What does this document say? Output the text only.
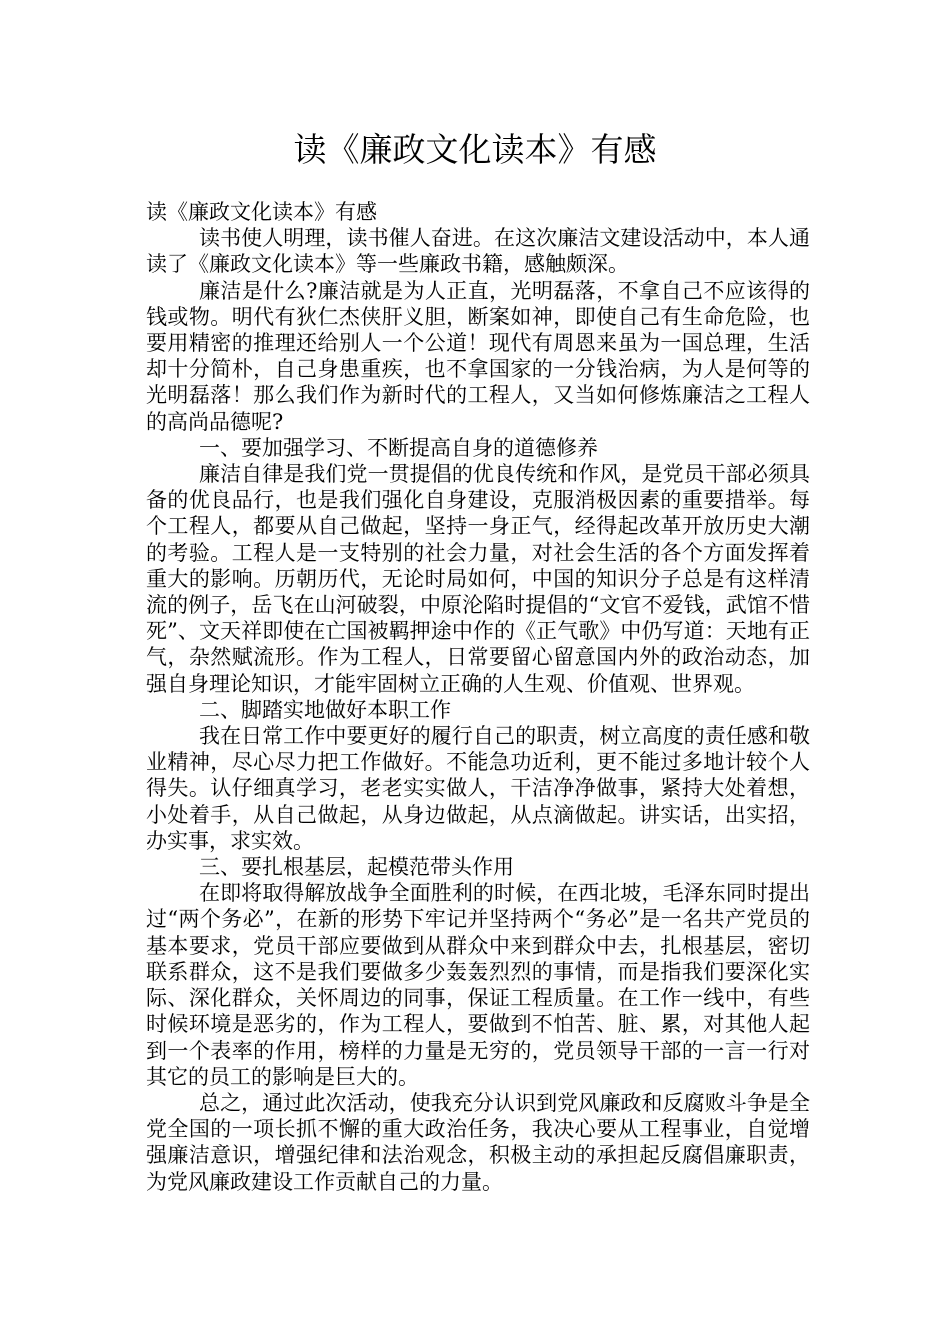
读《廉政文化读本》有感

读《廉政文化读本》有感

读书使人明理，读书催人奋进。在这次廉洁文建设活动中，本人通读了《廉政文化读本》等一些廉政书籍，感触颇深。

廉洁是什么?廉洁就是为人正直，光明磊落，不拿自己不应该得的钱或物。明代有狄仁杰侠肝义胆，断案如神，即使自己有生命危险，也要用精密的推理还给别人一个公道！现代有周恩来虽为一国总理，生活却十分简朴，自己身患重疾，也不拿国家的一分钱治病，为人是何等的光明磊落！那么我们作为新时代的工程人，又当如何修炼廉洁之工程人的高尚品德呢?

一、要加强学习、不断提高自身的道德修养

廉洁自律是我们党一贯提倡的优良传统和作风，是党员干部必须具备的优良品行，也是我们强化自身建设，克服消极因素的重要措举。每个工程人，都要从自己做起，坚持一身正气，经得起改革开放历史大潮的考验。工程人是一支特别的社会力量，对社会生活的各个方面发挥着重大的影响。历朝历代，无论时局如何，中国的知识分子总是有这样清流的例子，岳飞在山河破裂，中原沦陷时提倡的“文官不爱钱，武馆不惜死”、文天祥即使在亡国被羁押途中作的《正气歌》中仍写道：天地有正气，杂然赋流形。作为工程人，日常要留心留意国内外的政治动态，加强自身理论知识，才能牢固树立正确的人生观、价值观、世界观。

二、脚踏实地做好本职工作

我在日常工作中要更好的履行自己的职责，树立高度的责任感和敬业精神，尽心尽力把工作做好。不能急功近利，更不能过多地计较个人得失。认仔细真学习，老老实实做人，干洁净净做事，紧持大处着想，小处着手，从自己做起，从身边做起，从点滴做起。讲实话，出实招，办实事，求实效。

三、要扎根基层，起模范带头作用

在即将取得解放战争全面胜利的时候，在西北坡，毛泽东同时提出过“两个务必”，在新的形势下牢记并坚持两个“务必”是一名共产党员的基本要求，党员干部应要做到从群众中来到群众中去，扎根基层，密切联系群众，这不是我们要做多少轰轰烈烈的事情，而是指我们要深化实际、深化群众，关怀周边的同事，保证工程质量。在工作一线中，有些时候环境是恶劣的，作为工程人，要做到不怕苦、脏、累，对其他人起到一个表率的作用，榜样的力量是无穷的，党员领导干部的一言一行对其它的员工的影响是巨大的。

总之，通过此次活动，使我充分认识到党风廉政和反腐败斗争是全党全国的一项长抓不懈的重大政治任务，我决心要从工程事业，自觉增强廉洁意识，增强纪律和法治观念，积极主动的承担起反腐倡廉职责，为党风廉政建设工作贡献自己的力量。
